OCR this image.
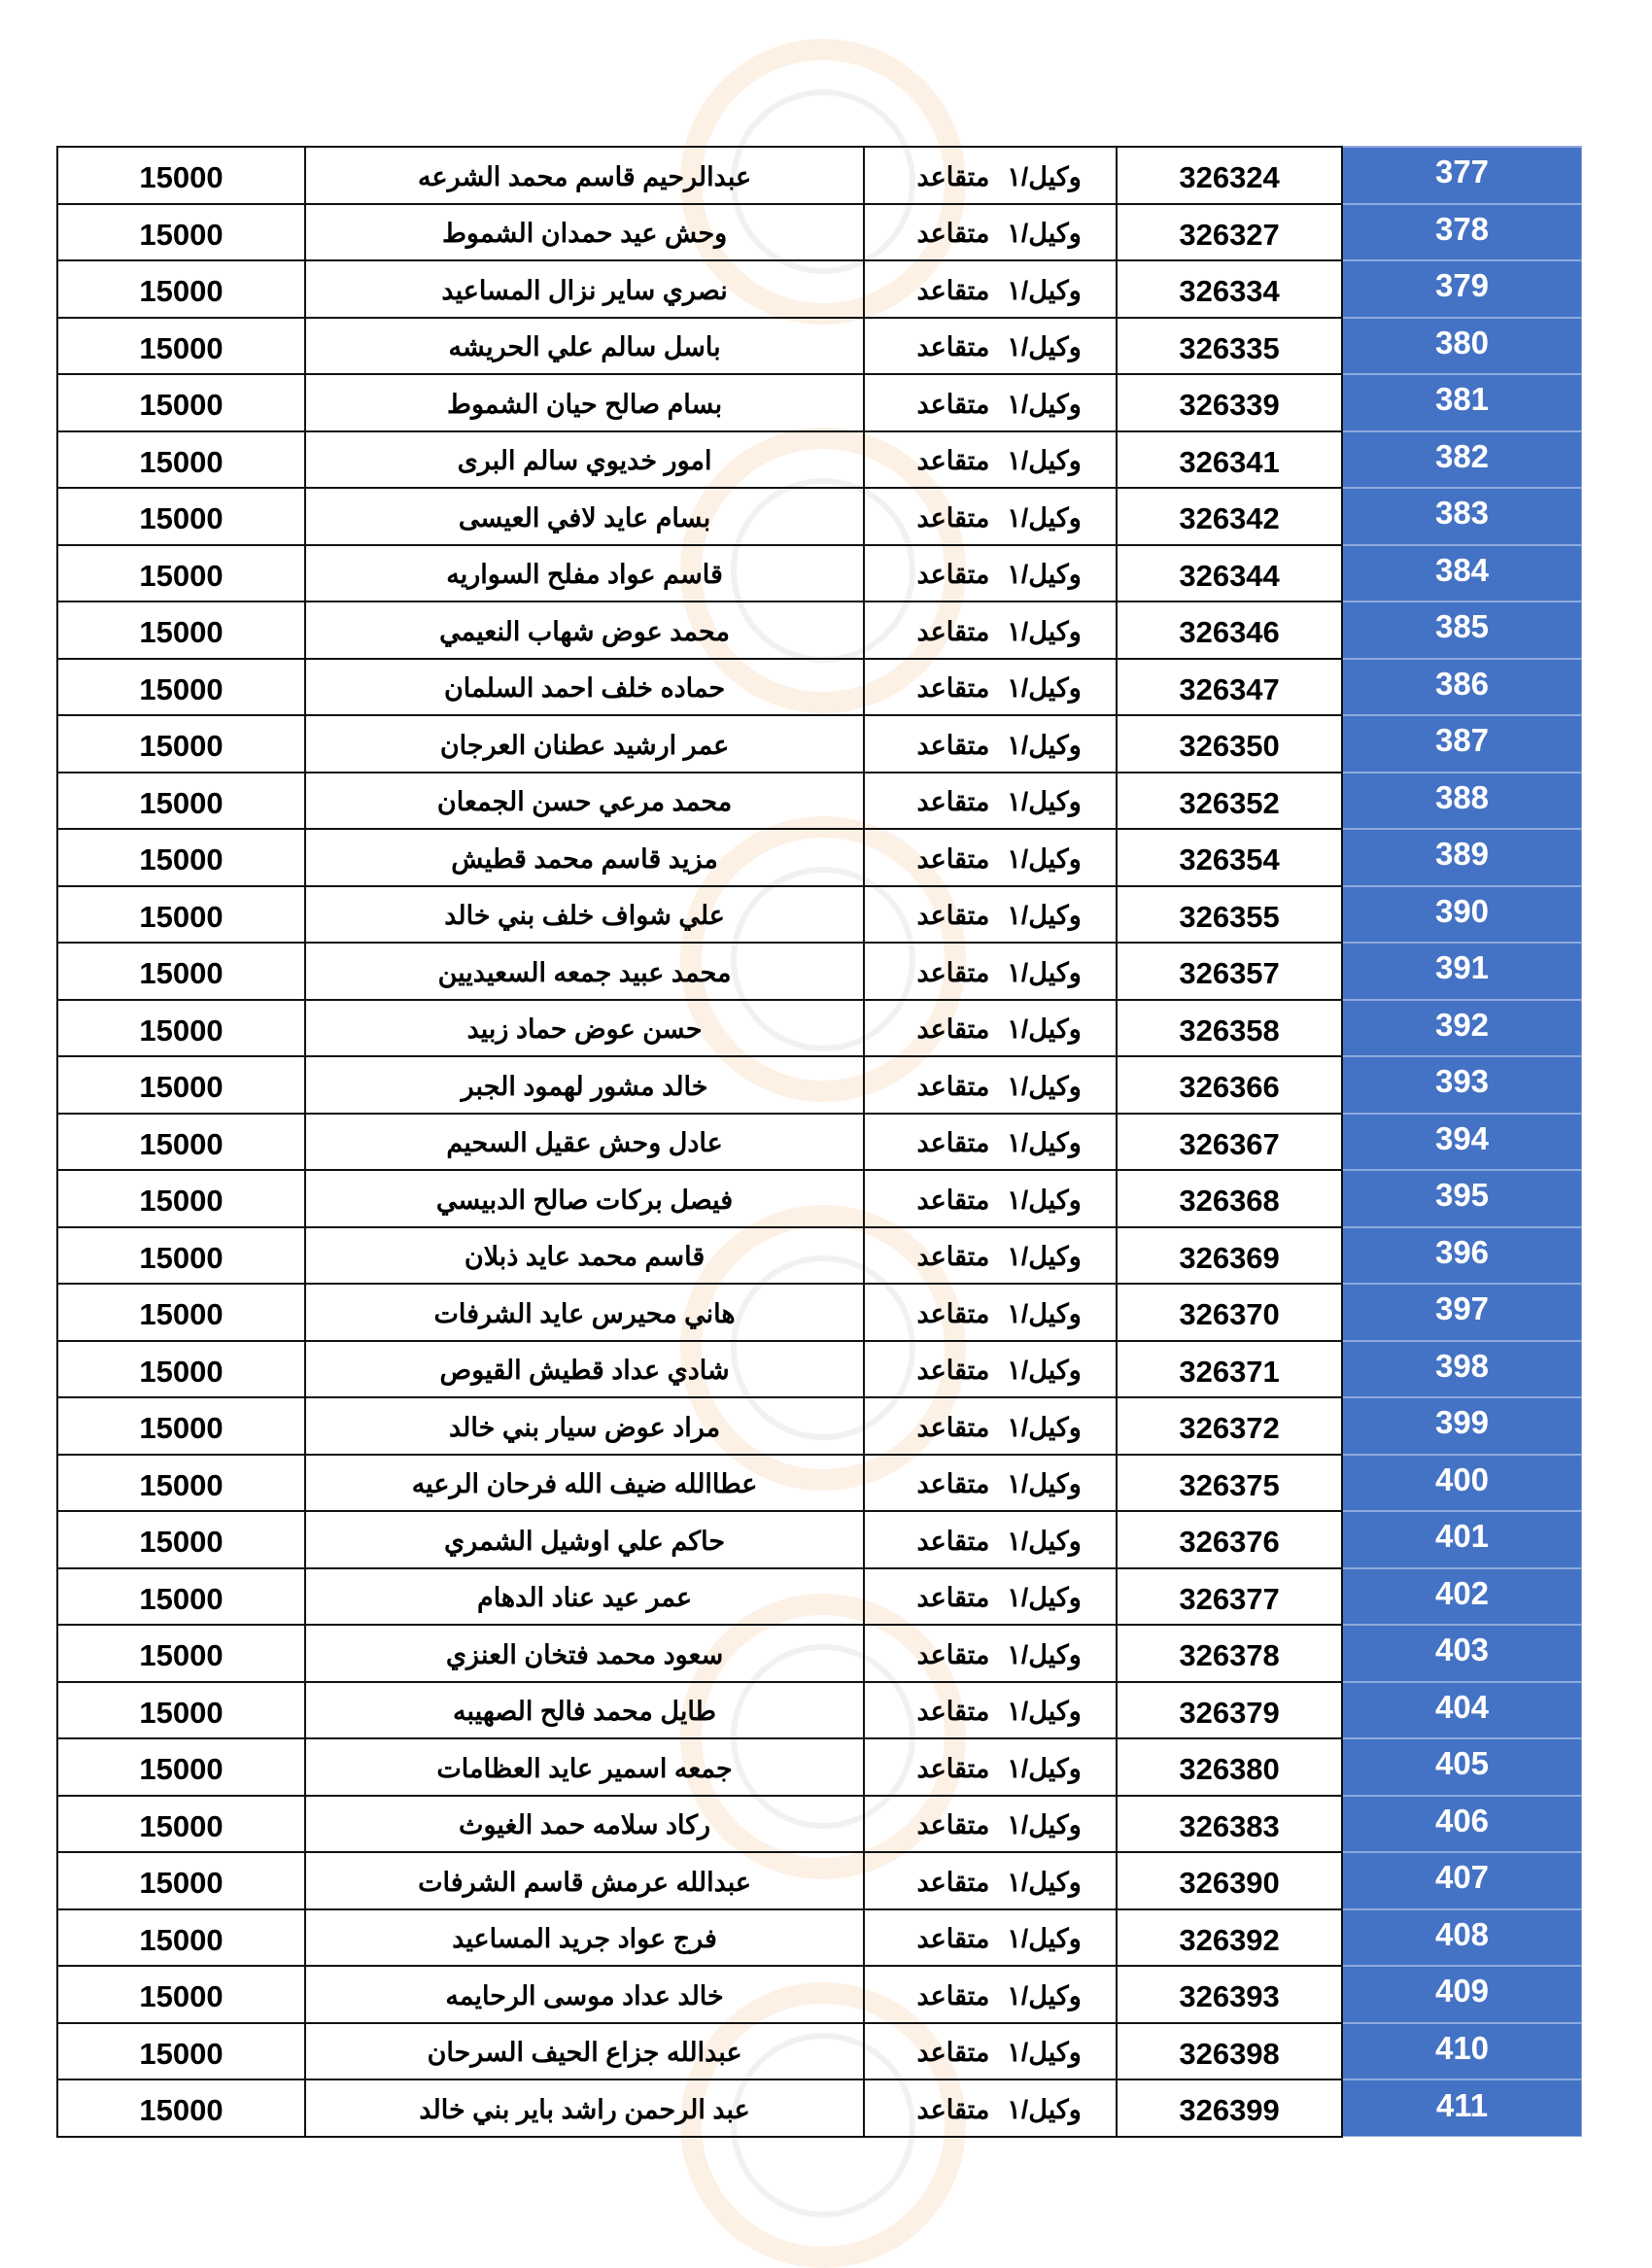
15000	عبدالرحيم قاسم محمد الشرعه	وكيل/١متقاعد	326324	377
15000	وحش عيد حمدان الشموط	وكيل/١متقاعد	326327	378
15000	نصري ساير نزال المساعيد	وكيل/١متقاعد	326334	379
15000	باسل سالم علي الحريشه	وكيل/١متقاعد	326335	380
15000	بسام صالح حيان الشموط	وكيل/١متقاعد	326339	381
15000	امور خديوي سالم البرى	وكيل/١متقاعد	326341	382
15000	بسام عايد لافي العيسى	وكيل/١متقاعد	326342	383
15000	قاسم عواد مفلح السواريه	وكيل/١متقاعد	326344	384
15000	محمد عوض شهاب النعيمي	وكيل/١متقاعد	326346	385
15000	حماده خلف احمد السلمان	وكيل/١متقاعد	326347	386
15000	عمر ارشيد عطنان العرجان	وكيل/١متقاعد	326350	387
15000	محمد مرعي حسن الجمعان	وكيل/١متقاعد	326352	388
15000	مزيد قاسم محمد قطيش	وكيل/١متقاعد	326354	389
15000	علي شواف خلف بني خالد	وكيل/١متقاعد	326355	390
15000	محمد عبيد جمعه السعيديين	وكيل/١متقاعد	326357	391
15000	حسن عوض حماد زبيد	وكيل/١متقاعد	326358	392
15000	خالد مشور لهمود الجبر	وكيل/١متقاعد	326366	393
15000	عادل وحش عقيل السحيم	وكيل/١متقاعد	326367	394
15000	فيصل بركات صالح الدبيسي	وكيل/١متقاعد	326368	395
15000	قاسم محمد عايد ذبلان	وكيل/١متقاعد	326369	396
15000	هاني محيرس عايد الشرفات	وكيل/١متقاعد	326370	397
15000	شادي عداد قطيش القيوص	وكيل/١متقاعد	326371	398
15000	مراد عوض سيار بني خالد	وكيل/١متقاعد	326372	399
15000	عطاالله ضيف الله فرحان الرعيه	وكيل/١متقاعد	326375	400
15000	حاكم علي اوشيل الشمري	وكيل/١متقاعد	326376	401
15000	عمر عيد عناد الدهام	وكيل/١متقاعد	326377	402
15000	سعود محمد فتخان العنزي	وكيل/١متقاعد	326378	403
15000	طايل محمد فالح الصهيبه	وكيل/١متقاعد	326379	404
15000	جمعه اسمير عايد العظامات	وكيل/١متقاعد	326380	405
15000	ركاد سلامه حمد الغيوث	وكيل/١متقاعد	326383	406
15000	عبدالله عرمش قاسم الشرفات	وكيل/١متقاعد	326390	407
15000	فرج عواد جريد المساعيد	وكيل/١متقاعد	326392	408
15000	خالد عداد موسى الرحايمه	وكيل/١متقاعد	326393	409
15000	عبدالله جزاع الحيف السرحان	وكيل/١متقاعد	326398	410
15000	عبد الرحمن راشد باير بني خالد	وكيل/١متقاعد	326399	411
